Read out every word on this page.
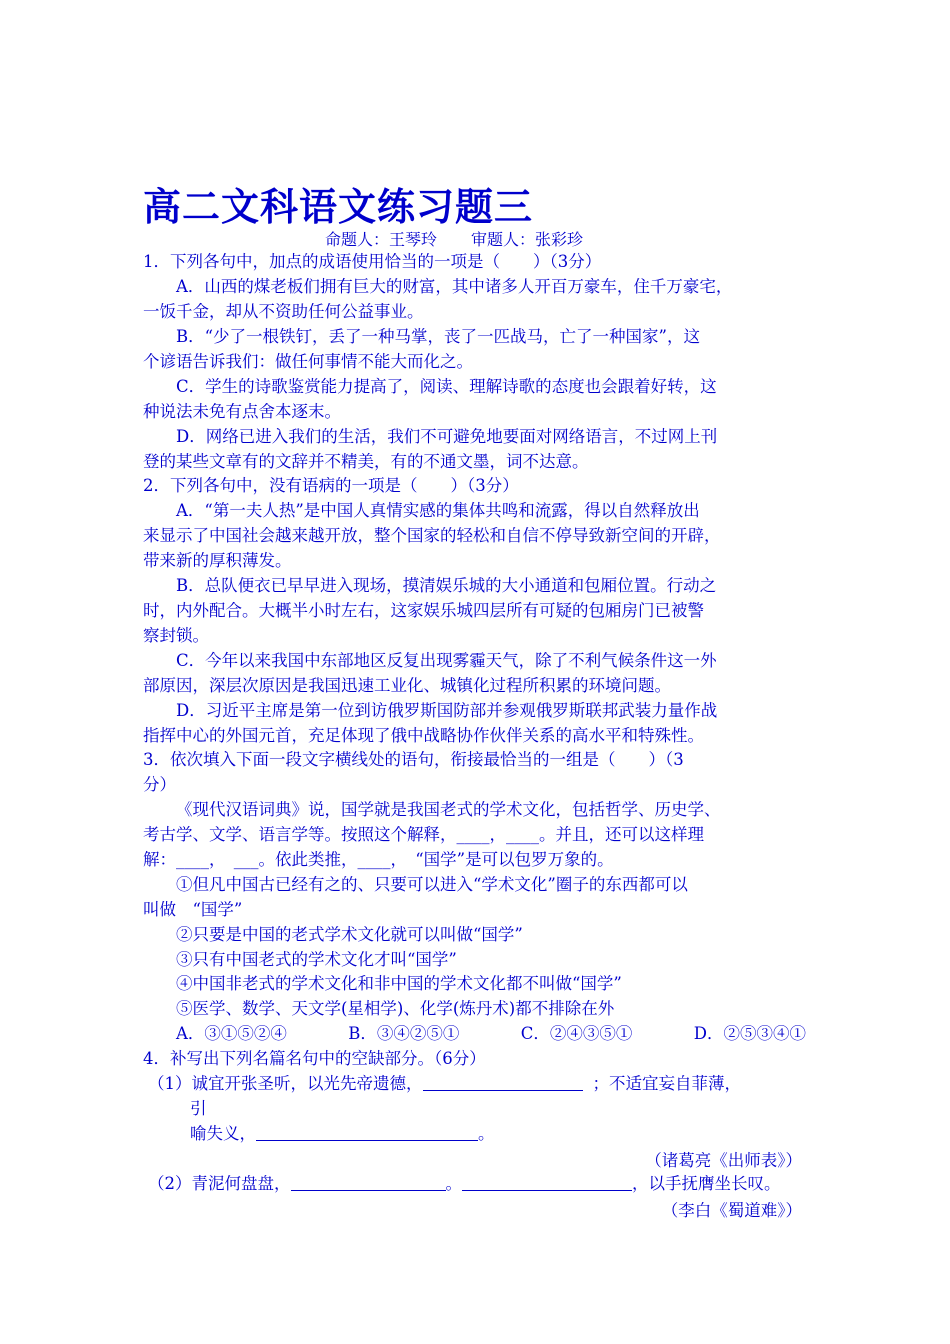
高二文科语文练习题三
命题人：王琴玲 审题人：张彩珍
1．下列各句中，加点的成语使用恰当的一项是（　　）（3分）
A．山西的煤老板们拥有巨大的财富，其中诸多人开百万豪车，住千万豪宅，
一饭千金，却从不资助任何公益事业。
B．“少了一根铁钉，丢了一种马掌，丧了一匹战马，亡了一种国家”，这
个谚语告诉我们：做任何事情不能大而化之。
C．学生的诗歌鉴赏能力提高了，阅读、理解诗歌的态度也会跟着好转，这
种说法未免有点舍本逐末。
D．网络已进入我们的生活，我们不可避免地要面对网络语言，不过网上刊
登的某些文章有的文辞并不精美，有的不通文墨，词不达意。
2．下列各句中，没有语病的一项是（　　）（3分）
A．“第一夫人热”是中国人真情实感的集体共鸣和流露，得以自然释放出
来显示了中国社会越来越开放，整个国家的轻松和自信不停导致新空间的开辟，
带来新的厚积薄发。
B．总队便衣已早早进入现场，摸清娱乐城的大小通道和包厢位置。行动之
时，内外配合。大概半小时左右，这家娱乐城四层所有可疑的包厢房门已被警
察封锁。
C．今年以来我国中东部地区反复出现雾霾天气，除了不利气候条件这一外
部原因，深层次原因是我国迅速工业化、城镇化过程所积累的环境问题。
D．习近平主席是第一位到访俄罗斯国防部并参观俄罗斯联邦武装力量作战
指挥中心的外国元首，充足体现了俄中战略协作伙伴关系的高水平和特殊性。
3．依次填入下面一段文字横线处的语句，衔接最恰当的一组是（　　）（3
分）
《现代汉语词典》说，国学就是我国老式的学术文化，包括哲学、历史学、
考古学、文学、语言学等。按照这个解释，____，____。并且，还可以这样理
解：____，　___。依此类推，____，　“国学”是可以包罗万象的。
①但凡中国古已经有之的、只要可以进入“学术文化”圈子的东西都可以
叫做　“国学”
②只要是中国的老式学术文化就可以叫做“国学”
③只有中国老式的学术文化才叫“国学”
④中国非老式的学术文化和非中国的学术文化都不叫做“国学”
⑤医学、数学、天文学(星相学)、化学(炼丹术)都不排除在外
A．③①⑤②④	B．③④②⑤①	C．②④③⑤①	D．②⑤③④①
4．补写出下列名篇名句中的空缺部分。（6分）
（1）诚宜开张圣听，以光先帝遗德，	；不适宜妄自菲薄，
引
喻失义，	。
（诸葛亮《出师表》）
（2）青泥何盘盘，	。	，以手抚膺坐长叹。
（李白《蜀道难》）
